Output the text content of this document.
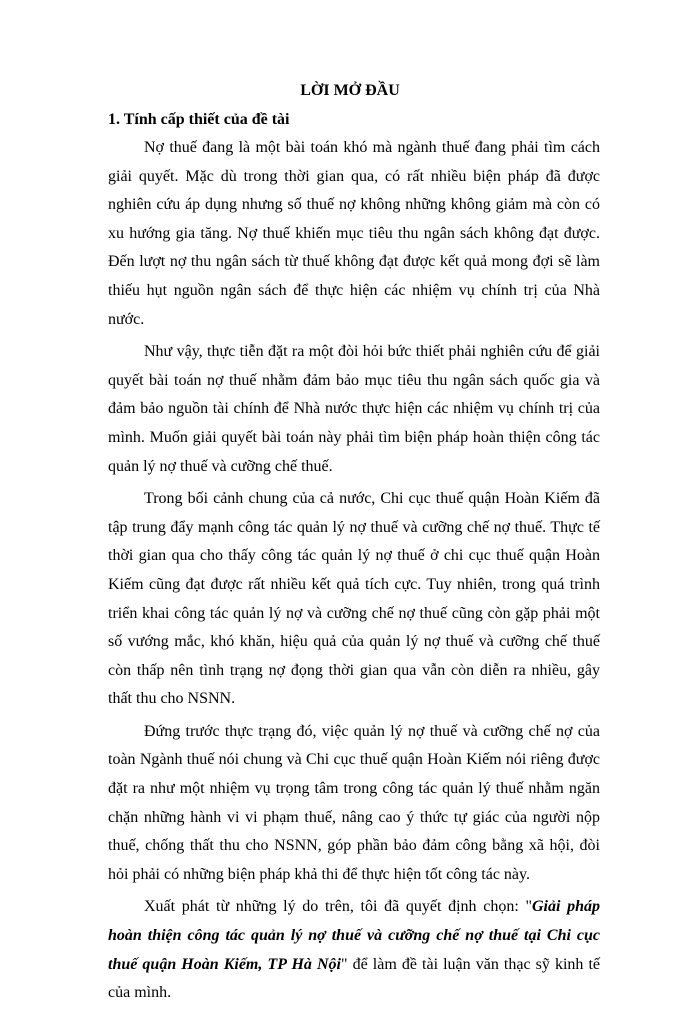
LỜI MỞ ĐẦU
1. Tính cấp thiết của đề tài

Nợ thuế đang là một bài toán khó mà ngành thuế đang phải tìm cách giải quyết. Mặc dù trong thời gian qua, có rất nhiều biện pháp đã được nghiên cứu áp dụng nhưng số thuế nợ không những không giảm mà còn có xu hướng gia tăng. Nợ thuế khiến mục tiêu thu ngân sách không đạt được. Đến lượt nợ thu ngân sách từ thuế không đạt được kết quả mong đợi sẽ làm thiếu hụt nguồn ngân sách để thực hiện các nhiệm vụ chính trị của Nhà nước.

Như vậy, thực tiễn đặt ra một đòi hỏi bức thiết phải nghiên cứu để giải quyết bài toán nợ thuế nhằm đảm bảo mục tiêu thu ngân sách quốc gia và đảm bảo nguồn tài chính để Nhà nước thực hiện các nhiệm vụ chính trị của mình. Muốn giải quyết bài toán này phải tìm biện pháp hoàn thiện công tác quản lý nợ thuế và cưỡng chế thuế.

Trong bối cảnh chung của cả nước, Chi cục thuế quận Hoàn Kiếm đã tập trung đẩy mạnh công tác quản lý nợ thuế và cưỡng chế nợ thuế. Thực tế thời gian qua cho thấy công tác quản lý nợ thuế ở chi cục thuế quận Hoàn Kiếm cũng đạt được rất nhiều kết quả tích cực. Tuy nhiên, trong quá trình triển khai công tác quản lý nợ và cưỡng chế nợ thuế cũng còn gặp phải một số vướng mắc, khó khăn, hiệu quả của quản lý nợ thuế và cưỡng chế thuế còn thấp nên tình trạng nợ đọng thời gian qua vẫn còn diễn ra nhiều, gây thất thu cho NSNN.

Đứng trước thực trạng đó, việc quản lý nợ thuế và cưỡng chế nợ của toàn Ngành thuế nói chung và Chi cục thuế quận Hoàn Kiếm nói riêng được đặt ra như một nhiệm vụ trọng tâm trong công tác quản lý thuế nhằm ngăn chặn những hành vi vi phạm thuế, nâng cao ý thức tự giác của người nộp thuế, chống thất thu cho NSNN, góp phần bảo đảm công bằng xã hội, đòi hỏi phải có những biện pháp khả thi để thực hiện tốt công tác này.

Xuất phát từ những lý do trên, tôi đã quyết định chọn: "Giải pháp hoàn thiện công tác quản lý nợ thuế và cưỡng chế nợ thuế tại Chi cục thuế quận Hoàn Kiếm, TP Hà Nội" để làm đề tài luận văn thạc sỹ kinh tế của mình.
